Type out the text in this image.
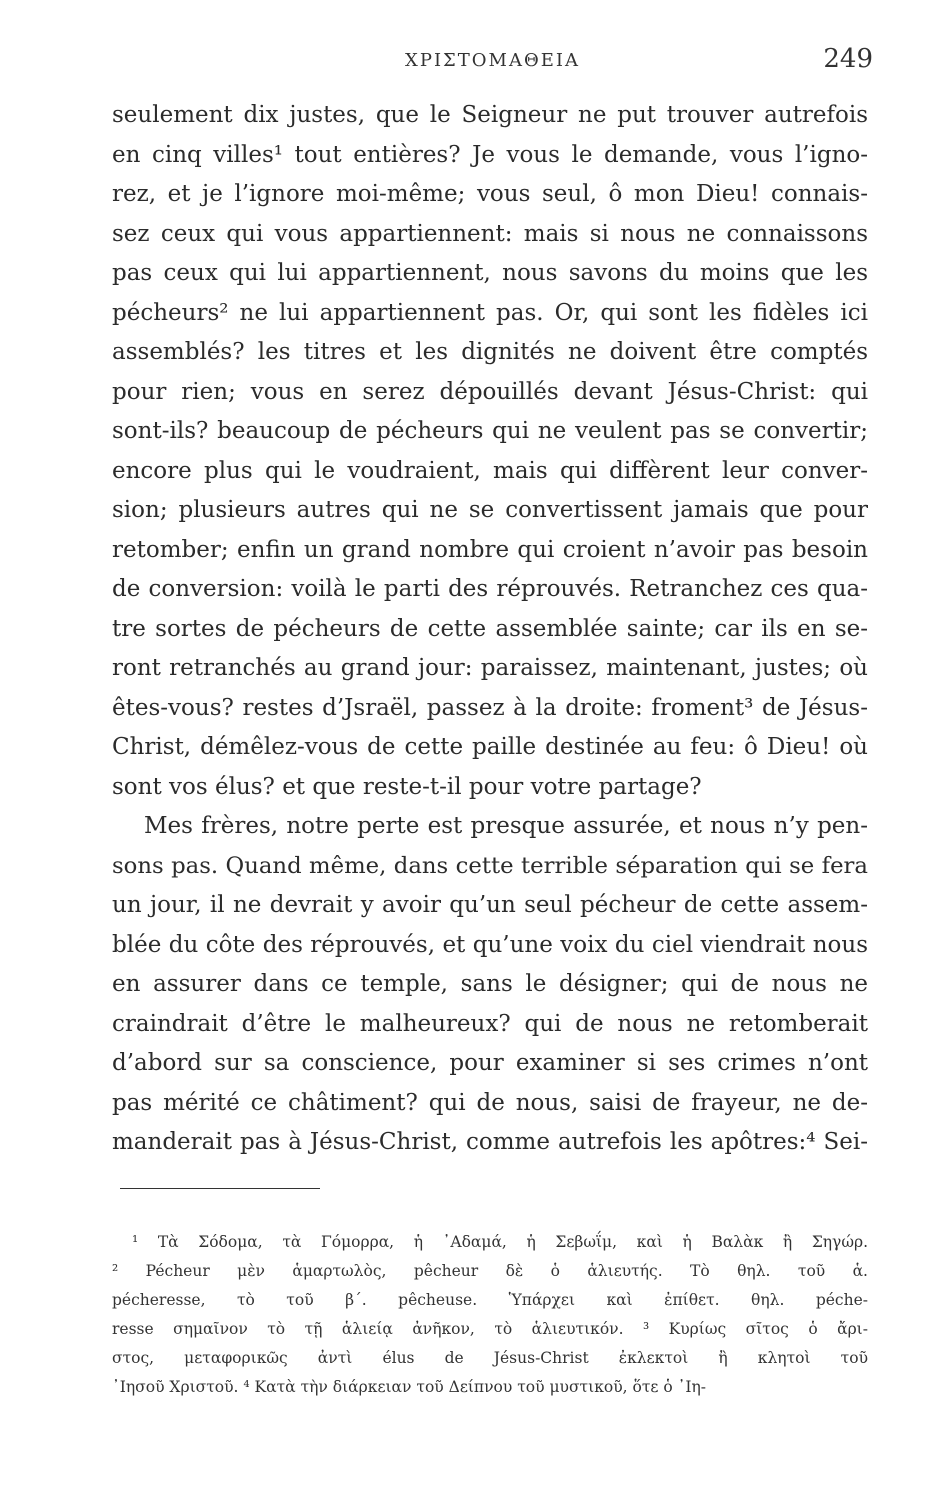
ΧΡΙΣΤΟΜΑΘΕΙΑ	249
seulement dix justes, que le Seigneur ne put trouver autrefois
en cinq villes¹ tout entières? Je vous le demande, vous l’igno-
rez, et je l’ignore moi-même; vous seul, ô mon Dieu! connais-
sez ceux qui vous appartiennent: mais si nous ne connaissons
pas ceux qui lui appartiennent, nous savons du moins que les
pécheurs² ne lui appartiennent pas. Or, qui sont les fidèles ici
assemblés? les titres et les dignités ne doivent être comptés
pour rien; vous en serez dépouillés devant Jésus-Christ: qui
sont-ils? beaucoup de pécheurs qui ne veulent pas se convertir;
encore plus qui le voudraient, mais qui diffèrent leur conver-
sion; plusieurs autres qui ne se convertissent jamais que pour
retomber; enfin un grand nombre qui croient n’avoir pas besoin
de conversion: voilà le parti des réprouvés. Retranchez ces qua-
tre sortes de pécheurs de cette assemblée sainte; car ils en se-
ront retranchés au grand jour: paraissez, maintenant, justes; où
êtes-vous? restes d’Jsraël, passez à la droite: froment³ de Jésus-
Christ, démêlez-vous de cette paille destinée au feu: ô Dieu! où
sont vos élus? et que reste-t-il pour votre partage?
Mes frères, notre perte est presque assurée, et nous n’y pen-
sons pas. Quand même, dans cette terrible séparation qui se fera
un jour, il ne devrait y avoir qu’un seul pécheur de cette assem-
blée du côte des réprouvés, et qu’une voix du ciel viendrait nous
en assurer dans ce temple, sans le désigner; qui de nous ne
craindrait d’être le malheureux? qui de nous ne retomberait
d’abord sur sa conscience, pour examiner si ses crimes n’ont
pas mérité ce châtiment? qui de nous, saisi de frayeur, ne de-
manderait pas à Jésus-Christ, comme autrefois les apôtres:⁴ Sei-
¹ Τὰ Σόδομα, τὰ Γόμορρα, ἡ ᾿Αδαμά, ἡ Σεβωΐμ, καὶ ἡ Βαλὰκ ἢ Σηγώρ.
² Pécheur μὲν ἁμαρτωλὸς, pêcheur δὲ ὁ ἁλιευτής. Τὸ θηλ. τοῦ ἁ.
pécheresse, τὸ τοῦ β΄. pêcheuse. Ὑπάρχει καὶ ἐπίθετ. θηλ. péche-
resse σημαῖνον τὸ τῇ ἁλιείᾳ ἀνῆκον, τὸ ἁλιευτικόν. ³ Κυρίως σῖτος ὁ ἄρι-
στος, μεταφορικῶς ἀντὶ élus de Jésus-Christ ἐκλεκτοὶ ἢ κλητοὶ τοῦ
᾿Ιησοῦ Χριστοῦ. ⁴ Κατὰ τὴν διάρκειαν τοῦ Δείπνου τοῦ μυστικοῦ, ὅτε ὁ ᾿Ιη-
